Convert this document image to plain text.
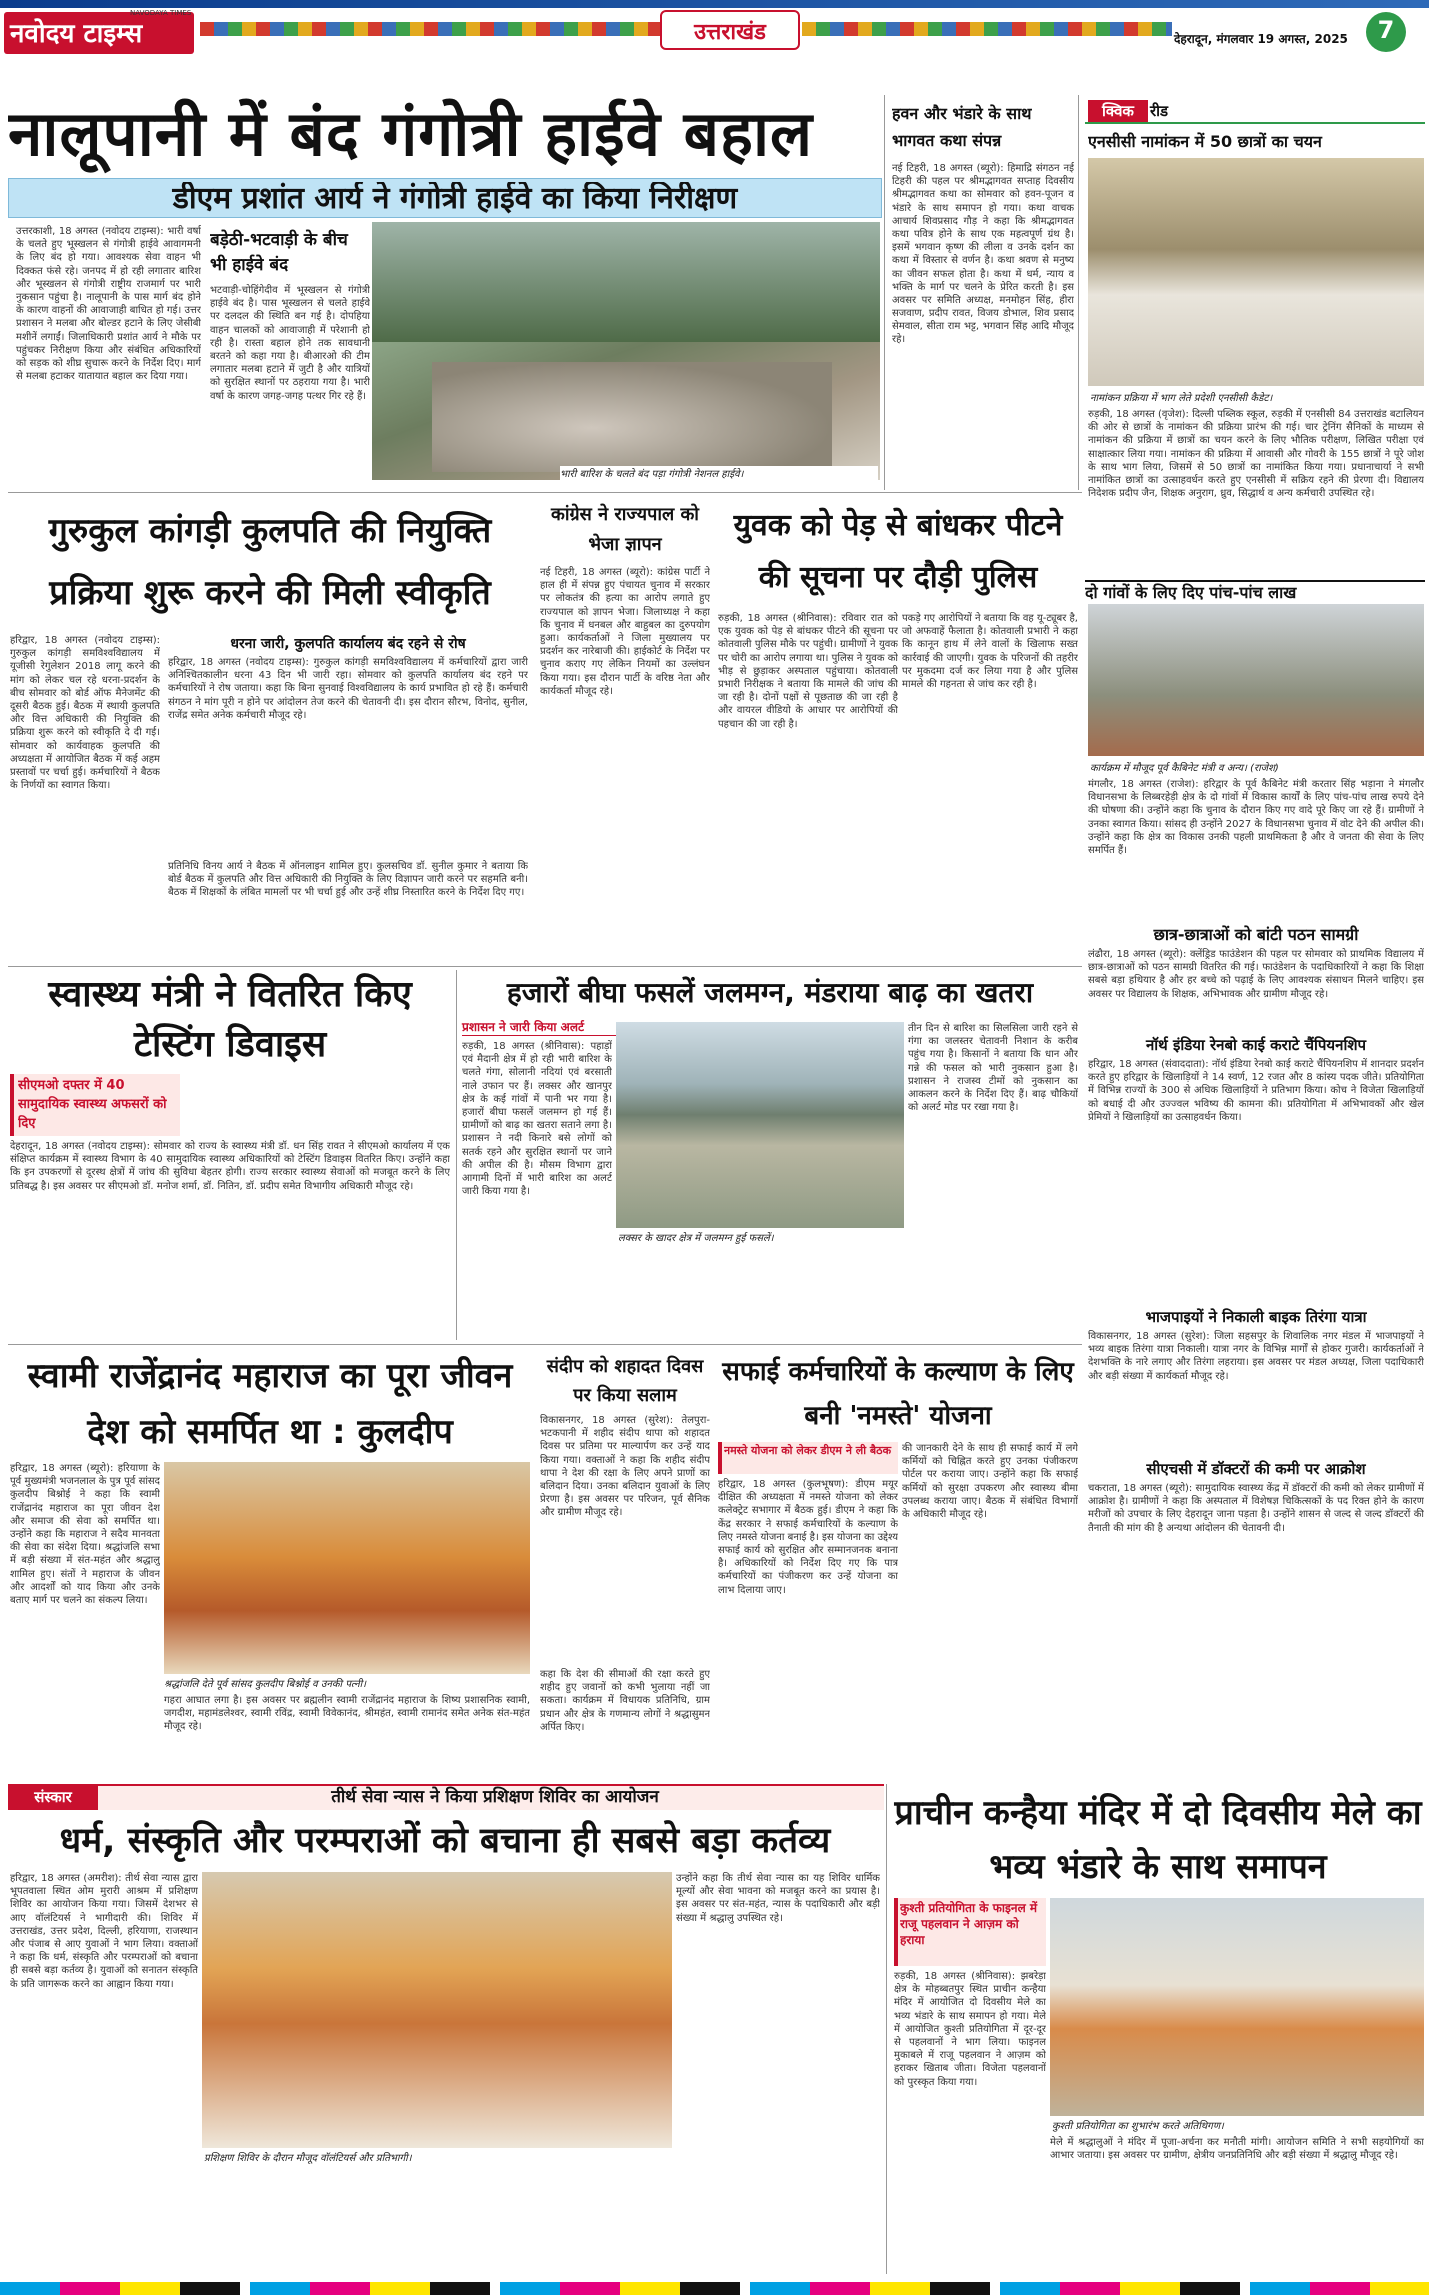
नवोदय टाइम्स
NAVODAYA TIMES
उत्तराखंड	देहरादून, मंगलवार 19 अगस्त, 2025	7
नालूपानी में बंद गंगोत्री हाईवे बहाल
डीएम प्रशांत आर्य ने गंगोत्री हाईवे का किया निरीक्षण
उत्तरकाशी, 18 अगस्त (नवोदय टाइम्स): भारी वर्षा के चलते हुए भूस्खलन से गंगोत्री हाईवे आवागमनी के लिए बंद हो गया। आवश्यक सेवा वाहन भी दिक्कत फंसे रहे। जनपद में हो रही लगातार बारिश और भूस्खलन से गंगोत्री राष्ट्रीय राजमार्ग पर भारी नुकसान पहुंचा है। नालूपानी के पास मार्ग बंद होने के कारण वाहनों की आवाजाही बाधित हो गई। उत्तर प्रशासन ने मलबा और बोल्डर हटाने के लिए जेसीबी मशीनें लगाईं। जिलाधिकारी प्रशांत आर्य ने मौके पर पहुंचकर निरीक्षण किया और संबंधित अधिकारियों को सड़क को शीघ्र सुचारू करने के निर्देश दिए। मार्ग से मलबा हटाकर यातायात बहाल कर दिया गया।
बड़ेठी-भटवाड़ी के बीच भी हाईवे बंद
भटवाड़ी-चोहिंगेदीव में भूस्खलन से गंगोत्री हाईवे बंद है। पास भूस्खलन से चलते हाईवे पर दलदल की स्थिति बन गई है। दोपहिया वाहन चालकों को आवाजाही में परेशानी हो रही है। रास्ता बहाल होने तक सावधानी बरतने को कहा गया है। बीआरओ की टीम लगातार मलबा हटाने में जुटी है और यात्रियों को सुरक्षित स्थानों पर ठहराया गया है। भारी वर्षा के कारण जगह-जगह पत्थर गिर रहे हैं।
भारी बारिश के चलते बंद पड़ा गंगोत्री नेशनल हाईवे।
हवन और भंडारे के साथ भागवत कथा संपन्न
नई टिहरी, 18 अगस्त (ब्यूरो): हिमाद्रि संगठन नई टिहरी की पहल पर श्रीमद्भागवत सप्ताह दिवसीय श्रीमद्भागवत कथा का सोमवार को हवन-पूजन व भंडारे के साथ समापन हो गया। कथा वाचक आचार्य शिवप्रसाद गौड़ ने कहा कि श्रीमद्भागवत कथा पवित्र होने के साथ एक महत्वपूर्ण ग्रंथ है। इसमें भगवान कृष्ण की लीला व उनके दर्शन का कथा में विस्तार से वर्णन है। कथा श्रवण से मनुष्य का जीवन सफल होता है। कथा में धर्म, न्याय व भक्ति के मार्ग पर चलने के प्रेरित करती है। इस अवसर पर समिति अध्यक्ष, मनमोहन सिंह, हीरा सजवाण, प्रदीप रावत, विजय डोभाल, शिव प्रसाद सेमवाल, सीता राम भट्ट, भगवान सिंह आदि मौजूद रहे।
क्विक	रीड
एनसीसी नामांकन में 50 छात्रों का चयन
नामांकन प्रक्रिया में भाग लेते प्रदेशी एनसीसी कैडेट।
रुड़की, 18 अगस्त (वृजेश): दिल्ली पब्लिक स्कूल, रुड़की में एनसीसी 84 उत्तराखंड बटालियन की ओर से छात्रों के नामांकन की प्रक्रिया प्रारंभ की गई। चार ट्रेनिंग सैनिकों के माध्यम से नामांकन की प्रक्रिया में छात्रों का चयन करने के लिए भौतिक परीक्षण, लिखित परीक्षा एवं साक्षात्कार लिया गया। नामांकन की प्रक्रिया में आवासी और गोवरी के 155 छात्रों ने पूरे जोश के साथ भाग लिया, जिसमें से 50 छात्रों का नामांकित किया गया। प्रधानाचार्या ने सभी नामांकित छात्रों का उत्साहवर्धन करते हुए एनसीसी में सक्रिय रहने की प्रेरणा दी। विद्यालय निदेशक प्रदीप जैन, शिक्षक अनुराग, ध्रुव, सिद्धार्थ व अन्य कर्मचारी उपस्थित रहे।
दो गांवों के लिए दिए पांच-पांच लाख
कार्यक्रम में मौजूद पूर्व कैबिनेट मंत्री व अन्य। (राजेश)
मंगलौर, 18 अगस्त (राजेश): हरिद्वार के पूर्व कैबिनेट मंत्री करतार सिंह भड़ाना ने मंगलौर विधानसभा के लिब्बरहेड़ी क्षेत्र के दो गांवों में विकास कार्यों के लिए पांच-पांच लाख रुपये देने की घोषणा की। उन्होंने कहा कि चुनाव के दौरान किए गए वादे पूरे किए जा रहे हैं। ग्रामीणों ने उनका स्वागत किया। सांसद ही उन्होंने 2027 के विधानसभा चुनाव में वोट देने की अपील की। उन्होंने कहा कि क्षेत्र का विकास उनकी पहली प्राथमिकता है और वे जनता की सेवा के लिए समर्पित हैं।
छात्र-छात्राओं को बांटी पठन सामग्री
लंढौरा, 18 अगस्त (ब्यूरो): क्लेंड्रिड फाउंडेशन की पहल पर सोमवार को प्राथमिक विद्यालय में छात्र-छात्राओं को पठन सामग्री वितरित की गई। फाउंडेशन के पदाधिकारियों ने कहा कि शिक्षा सबसे बड़ा हथियार है और हर बच्चे को पढ़ाई के लिए आवश्यक संसाधन मिलने चाहिए। इस अवसर पर विद्यालय के शिक्षक, अभिभावक और ग्रामीण मौजूद रहे।
नॉर्थ इंडिया रेनबो काई कराटे चैंपियनशिप
हरिद्वार, 18 अगस्त (संवाददाता): नॉर्थ इंडिया रेनबो काई कराटे चैंपियनशिप में शानदार प्रदर्शन करते हुए हरिद्वार के खिलाड़ियों ने 14 स्वर्ण, 12 रजत और 8 कांस्य पदक जीते। प्रतियोगिता में विभिन्न राज्यों के 300 से अधिक खिलाड़ियों ने प्रतिभाग किया। कोच ने विजेता खिलाड़ियों को बधाई दी और उज्ज्वल भविष्य की कामना की। प्रतियोगिता में अभिभावकों और खेल प्रेमियों ने खिलाड़ियों का उत्साहवर्धन किया।
भाजपाइयों ने निकाली बाइक तिरंगा यात्रा
विकासनगर, 18 अगस्त (सुरेश): जिला सहसपुर के शिवालिक नगर मंडल में भाजपाइयों ने भव्य बाइक तिरंगा यात्रा निकाली। यात्रा नगर के विभिन्न मार्गों से होकर गुजरी। कार्यकर्ताओं ने देशभक्ति के नारे लगाए और तिरंगा लहराया। इस अवसर पर मंडल अध्यक्ष, जिला पदाधिकारी और बड़ी संख्या में कार्यकर्ता मौजूद रहे।
सीएचसी में डॉक्टरों की कमी पर आक्रोश
चकराता, 18 अगस्त (ब्यूरो): सामुदायिक स्वास्थ्य केंद्र में डॉक्टरों की कमी को लेकर ग्रामीणों में आक्रोश है। ग्रामीणों ने कहा कि अस्पताल में विशेषज्ञ चिकित्सकों के पद रिक्त होने के कारण मरीजों को उपचार के लिए देहरादून जाना पड़ता है। उन्होंने शासन से जल्द से जल्द डॉक्टरों की तैनाती की मांग की है अन्यथा आंदोलन की चेतावनी दी।
गुरुकुल कांगड़ी कुलपति की नियुक्ति प्रक्रिया शुरू करने की मिली स्वीकृति
हरिद्वार, 18 अगस्त (नवोदय टाइम्स): गुरुकुल कांगड़ी समविश्वविद्यालय में यूजीसी रेगुलेशन 2018 लागू करने की मांग को लेकर चल रहे धरना-प्रदर्शन के बीच सोमवार को बोर्ड ऑफ मैनेजमेंट की दूसरी बैठक हुई। बैठक में स्थायी कुलपति और वित्त अधिकारी की नियुक्ति की प्रक्रिया शुरू करने को स्वीकृति दे दी गई। सोमवार को कार्यवाहक कुलपति की अध्यक्षता में आयोजित बैठक में कई अहम प्रस्तावों पर चर्चा हुई। कर्मचारियों ने बैठक के निर्णयों का स्वागत किया।
धरना जारी, कुलपति कार्यालय बंद रहने से रोष
हरिद्वार, 18 अगस्त (नवोदय टाइम्स): गुरुकुल कांगड़ी समविश्वविद्यालय में कर्मचारियों द्वारा जारी अनिश्चितकालीन धरना 43 दिन भी जारी रहा। सोमवार को कुलपति कार्यालय बंद रहने पर कर्मचारियों ने रोष जताया। कहा कि बिना सुनवाई विश्वविद्यालय के कार्य प्रभावित हो रहे हैं। कर्मचारी संगठन ने मांग पूरी न होने पर आंदोलन तेज करने की चेतावनी दी। इस दौरान सौरभ, विनोद, सुनील, राजेंद्र समेत अनेक कर्मचारी मौजूद रहे।
प्रतिनिधि विनय आर्य ने बैठक में ऑनलाइन शामिल हुए। कुलसचिव डॉ. सुनील कुमार ने बताया कि बोर्ड बैठक में कुलपति और वित्त अधिकारी की नियुक्ति के लिए विज्ञापन जारी करने पर सहमति बनी। बैठक में शिक्षकों के लंबित मामलों पर भी चर्चा हुई और उन्हें शीघ्र निस्तारित करने के निर्देश दिए गए।
कांग्रेस ने राज्यपाल को भेजा ज्ञापन
नई टिहरी, 18 अगस्त (ब्यूरो): कांग्रेस पार्टी ने हाल ही में संपन्न हुए पंचायत चुनाव में सरकार पर लोकतंत्र की हत्या का आरोप लगाते हुए राज्यपाल को ज्ञापन भेजा। जिलाध्यक्ष ने कहा कि चुनाव में धनबल और बाहुबल का दुरुपयोग हुआ। कार्यकर्ताओं ने जिला मुख्यालय पर प्रदर्शन कर नारेबाजी की। हाईकोर्ट के निर्देश पर चुनाव कराए गए लेकिन नियमों का उल्लंघन किया गया। इस दौरान पार्टी के वरिष्ठ नेता और कार्यकर्ता मौजूद रहे।
युवक को पेड़ से बांधकर पीटने की सूचना पर दौड़ी पुलिस
रुड़की, 18 अगस्त (श्रीनिवास): रविवार रात को एक युवक को पेड़ से बांधकर पीटने की सूचना पर कोतवाली पुलिस मौके पर पहुंची। ग्रामीणों ने युवक पर चोरी का आरोप लगाया था। पुलिस ने युवक को भीड़ से छुड़ाकर अस्पताल पहुंचाया। कोतवाली प्रभारी निरीक्षक ने बताया कि मामले की जांच की जा रही है। दोनों पक्षों से पूछताछ की जा रही है और वायरल वीडियो के आधार पर आरोपियों की पहचान की जा रही है।
पकड़े गए आरोपियों ने बताया कि वह यू-ट्यूबर है, जो अफवाहें फैलाता है। कोतवाली प्रभारी ने कहा कि कानून हाथ में लेने वालों के खिलाफ सख्त कार्रवाई की जाएगी। युवक के परिजनों की तहरीर पर मुकदमा दर्ज कर लिया गया है और पुलिस मामले की गहनता से जांच कर रही है।
स्वास्थ्य मंत्री ने वितरित किए टेस्टिंग डिवाइस
सीएमओ दफ्तर में 40 सामुदायिक स्वास्थ्य अफसरों को दिए
देहरादून, 18 अगस्त (नवोदय टाइम्स): सोमवार को राज्य के स्वास्थ्य मंत्री डॉ. धन सिंह रावत ने सीएमओ कार्यालय में एक संक्षिप्त कार्यक्रम में स्वास्थ्य विभाग के 40 सामुदायिक स्वास्थ्य अधिकारियों को टेस्टिंग डिवाइस वितरित किए। उन्होंने कहा कि इन उपकरणों से दूरस्थ क्षेत्रों में जांच की सुविधा बेहतर होगी। राज्य सरकार स्वास्थ्य सेवाओं को मजबूत करने के लिए प्रतिबद्ध है। इस अवसर पर सीएमओ डॉ. मनोज शर्मा, डॉ. नितिन, डॉ. प्रदीप समेत विभागीय अधिकारी मौजूद रहे।
हजारों बीघा फसलें जलमग्न, मंडराया बाढ़ का खतरा
प्रशासन ने जारी किया अलर्ट
रुड़की, 18 अगस्त (श्रीनिवास): पहाड़ों एवं मैदानी क्षेत्र में हो रही भारी बारिश के चलते गंगा, सोलानी नदियां एवं बरसाती नाले उफान पर हैं। लक्सर और खानपुर क्षेत्र के कई गांवों में पानी भर गया है। हजारों बीघा फसलें जलमग्न हो गई हैं। ग्रामीणों को बाढ़ का खतरा सताने लगा है। प्रशासन ने नदी किनारे बसे लोगों को सतर्क रहने और सुरक्षित स्थानों पर जाने की अपील की है। मौसम विभाग द्वारा आगामी दिनों में भारी बारिश का अलर्ट जारी किया गया है।
लक्सर के खादर क्षेत्र में जलमग्न हुई फसलें।
तीन दिन से बारिश का सिलसिला जारी रहने से गंगा का जलस्तर चेतावनी निशान के करीब पहुंच गया है। किसानों ने बताया कि धान और गन्ने की फसल को भारी नुकसान हुआ है। प्रशासन ने राजस्व टीमों को नुकसान का आकलन करने के निर्देश दिए हैं। बाढ़ चौकियों को अलर्ट मोड पर रखा गया है।
स्वामी राजेंद्रानंद महाराज का पूरा जीवन देश को समर्पित था : कुलदीप
हरिद्वार, 18 अगस्त (ब्यूरो): हरियाणा के पूर्व मुख्यमंत्री भजनलाल के पुत्र पूर्व सांसद कुलदीप बिश्नोई ने कहा कि स्वामी राजेंद्रानंद महाराज का पूरा जीवन देश और समाज की सेवा को समर्पित था। उन्होंने कहा कि महाराज ने सदैव मानवता की सेवा का संदेश दिया। श्रद्धांजलि सभा में बड़ी संख्या में संत-महंत और श्रद्धालु शामिल हुए। संतों ने महाराज के जीवन और आदर्शों को याद किया और उनके बताए मार्ग पर चलने का संकल्प लिया।
श्रद्धांजलि देते पूर्व सांसद कुलदीप बिश्नोई व उनकी पत्नी।
गहरा आघात लगा है। इस अवसर पर ब्रह्मलीन स्वामी राजेंद्रानंद महाराज के शिष्य प्रशासनिक स्वामी, जगदीश, महामंडलेश्वर, स्वामी रविंद्र, स्वामी विवेकानंद, श्रीमहंत, स्वामी रामानंद समेत अनेक संत-महंत मौजूद रहे।
संदीप को शहादत दिवस पर किया सलाम
विकासनगर, 18 अगस्त (सुरेश): तेलपुरा-भटकपानी में शहीद संदीप थापा को शहादत दिवस पर प्रतिमा पर माल्यार्पण कर उन्हें याद किया गया। वक्ताओं ने कहा कि शहीद संदीप थापा ने देश की रक्षा के लिए अपने प्राणों का बलिदान दिया। उनका बलिदान युवाओं के लिए प्रेरणा है। इस अवसर पर परिजन, पूर्व सैनिक और ग्रामीण मौजूद रहे।
कहा कि देश की सीमाओं की रक्षा करते हुए शहीद हुए जवानों को कभी भुलाया नहीं जा सकता। कार्यक्रम में विधायक प्रतिनिधि, ग्राम प्रधान और क्षेत्र के गणमान्य लोगों ने श्रद्धासुमन अर्पित किए।
सफाई कर्मचारियों के कल्याण के लिए बनी 'नमस्ते' योजना
नमस्ते योजना को लेकर डीएम ने ली बैठक
हरिद्वार, 18 अगस्त (कुलभूषण): डीएम मयूर दीक्षित की अध्यक्षता में नमस्ते योजना को लेकर कलेक्ट्रेट सभागार में बैठक हुई। डीएम ने कहा कि केंद्र सरकार ने सफाई कर्मचारियों के कल्याण के लिए नमस्ते योजना बनाई है। इस योजना का उद्देश्य सफाई कार्य को सुरक्षित और सम्मानजनक बनाना है। अधिकारियों को निर्देश दिए गए कि पात्र कर्मचारियों का पंजीकरण कर उन्हें योजना का लाभ दिलाया जाए।
की जानकारी देने के साथ ही सफाई कार्य में लगे कर्मियों को चिह्नित करते हुए उनका पंजीकरण पोर्टल पर कराया जाए। उन्होंने कहा कि सफाई कर्मियों को सुरक्षा उपकरण और स्वास्थ्य बीमा उपलब्ध कराया जाए। बैठक में संबंधित विभागों के अधिकारी मौजूद रहे।
संस्कार	तीर्थ सेवा न्यास ने किया प्रशिक्षण शिविर का आयोजन
धर्म, संस्कृति और परम्पराओं को बचाना ही सबसे बड़ा कर्तव्य
हरिद्वार, 18 अगस्त (अमरीश): तीर्थ सेवा न्यास द्वारा भूपतवाला स्थित ओम मुरारी आश्रम में प्रशिक्षण शिविर का आयोजन किया गया। जिसमें देशभर से आए वॉलंटियर्स ने भागीदारी की। शिविर में उत्तराखंड, उत्तर प्रदेश, दिल्ली, हरियाणा, राजस्थान और पंजाब से आए युवाओं ने भाग लिया। वक्ताओं ने कहा कि धर्म, संस्कृति और परम्पराओं को बचाना ही सबसे बड़ा कर्तव्य है। युवाओं को सनातन संस्कृति के प्रति जागरूक करने का आह्वान किया गया।
प्रशिक्षण शिविर के दौरान मौजूद वॉलंटियर्स और प्रतिभागी।
उन्होंने कहा कि तीर्थ सेवा न्यास का यह शिविर धार्मिक मूल्यों और सेवा भावना को मजबूत करने का प्रयास है। इस अवसर पर संत-महंत, न्यास के पदाधिकारी और बड़ी संख्या में श्रद्धालु उपस्थित रहे।
प्राचीन कन्हैया मंदिर में दो दिवसीय मेले का भव्य भंडारे के साथ समापन
कुश्ती प्रतियोगिता के फाइनल में राजू पहलवान ने आज़म को हराया
रुड़की, 18 अगस्त (श्रीनिवास): झबरेड़ा क्षेत्र के मोहब्बतपुर स्थित प्राचीन कन्हैया मंदिर में आयोजित दो दिवसीय मेले का भव्य भंडारे के साथ समापन हो गया। मेले में आयोजित कुश्ती प्रतियोगिता में दूर-दूर से पहलवानों ने भाग लिया। फाइनल मुकाबले में राजू पहलवान ने आज़म को हराकर खिताब जीता। विजेता पहलवानों को पुरस्कृत किया गया।
कुश्ती प्रतियोगिता का शुभारंभ करते अतिथिगण।
मेले में श्रद्धालुओं ने मंदिर में पूजा-अर्चना कर मनौती मांगी। आयोजन समिति ने सभी सहयोगियों का आभार जताया। इस अवसर पर ग्रामीण, क्षेत्रीय जनप्रतिनिधि और बड़ी संख्या में श्रद्धालु मौजूद रहे।
